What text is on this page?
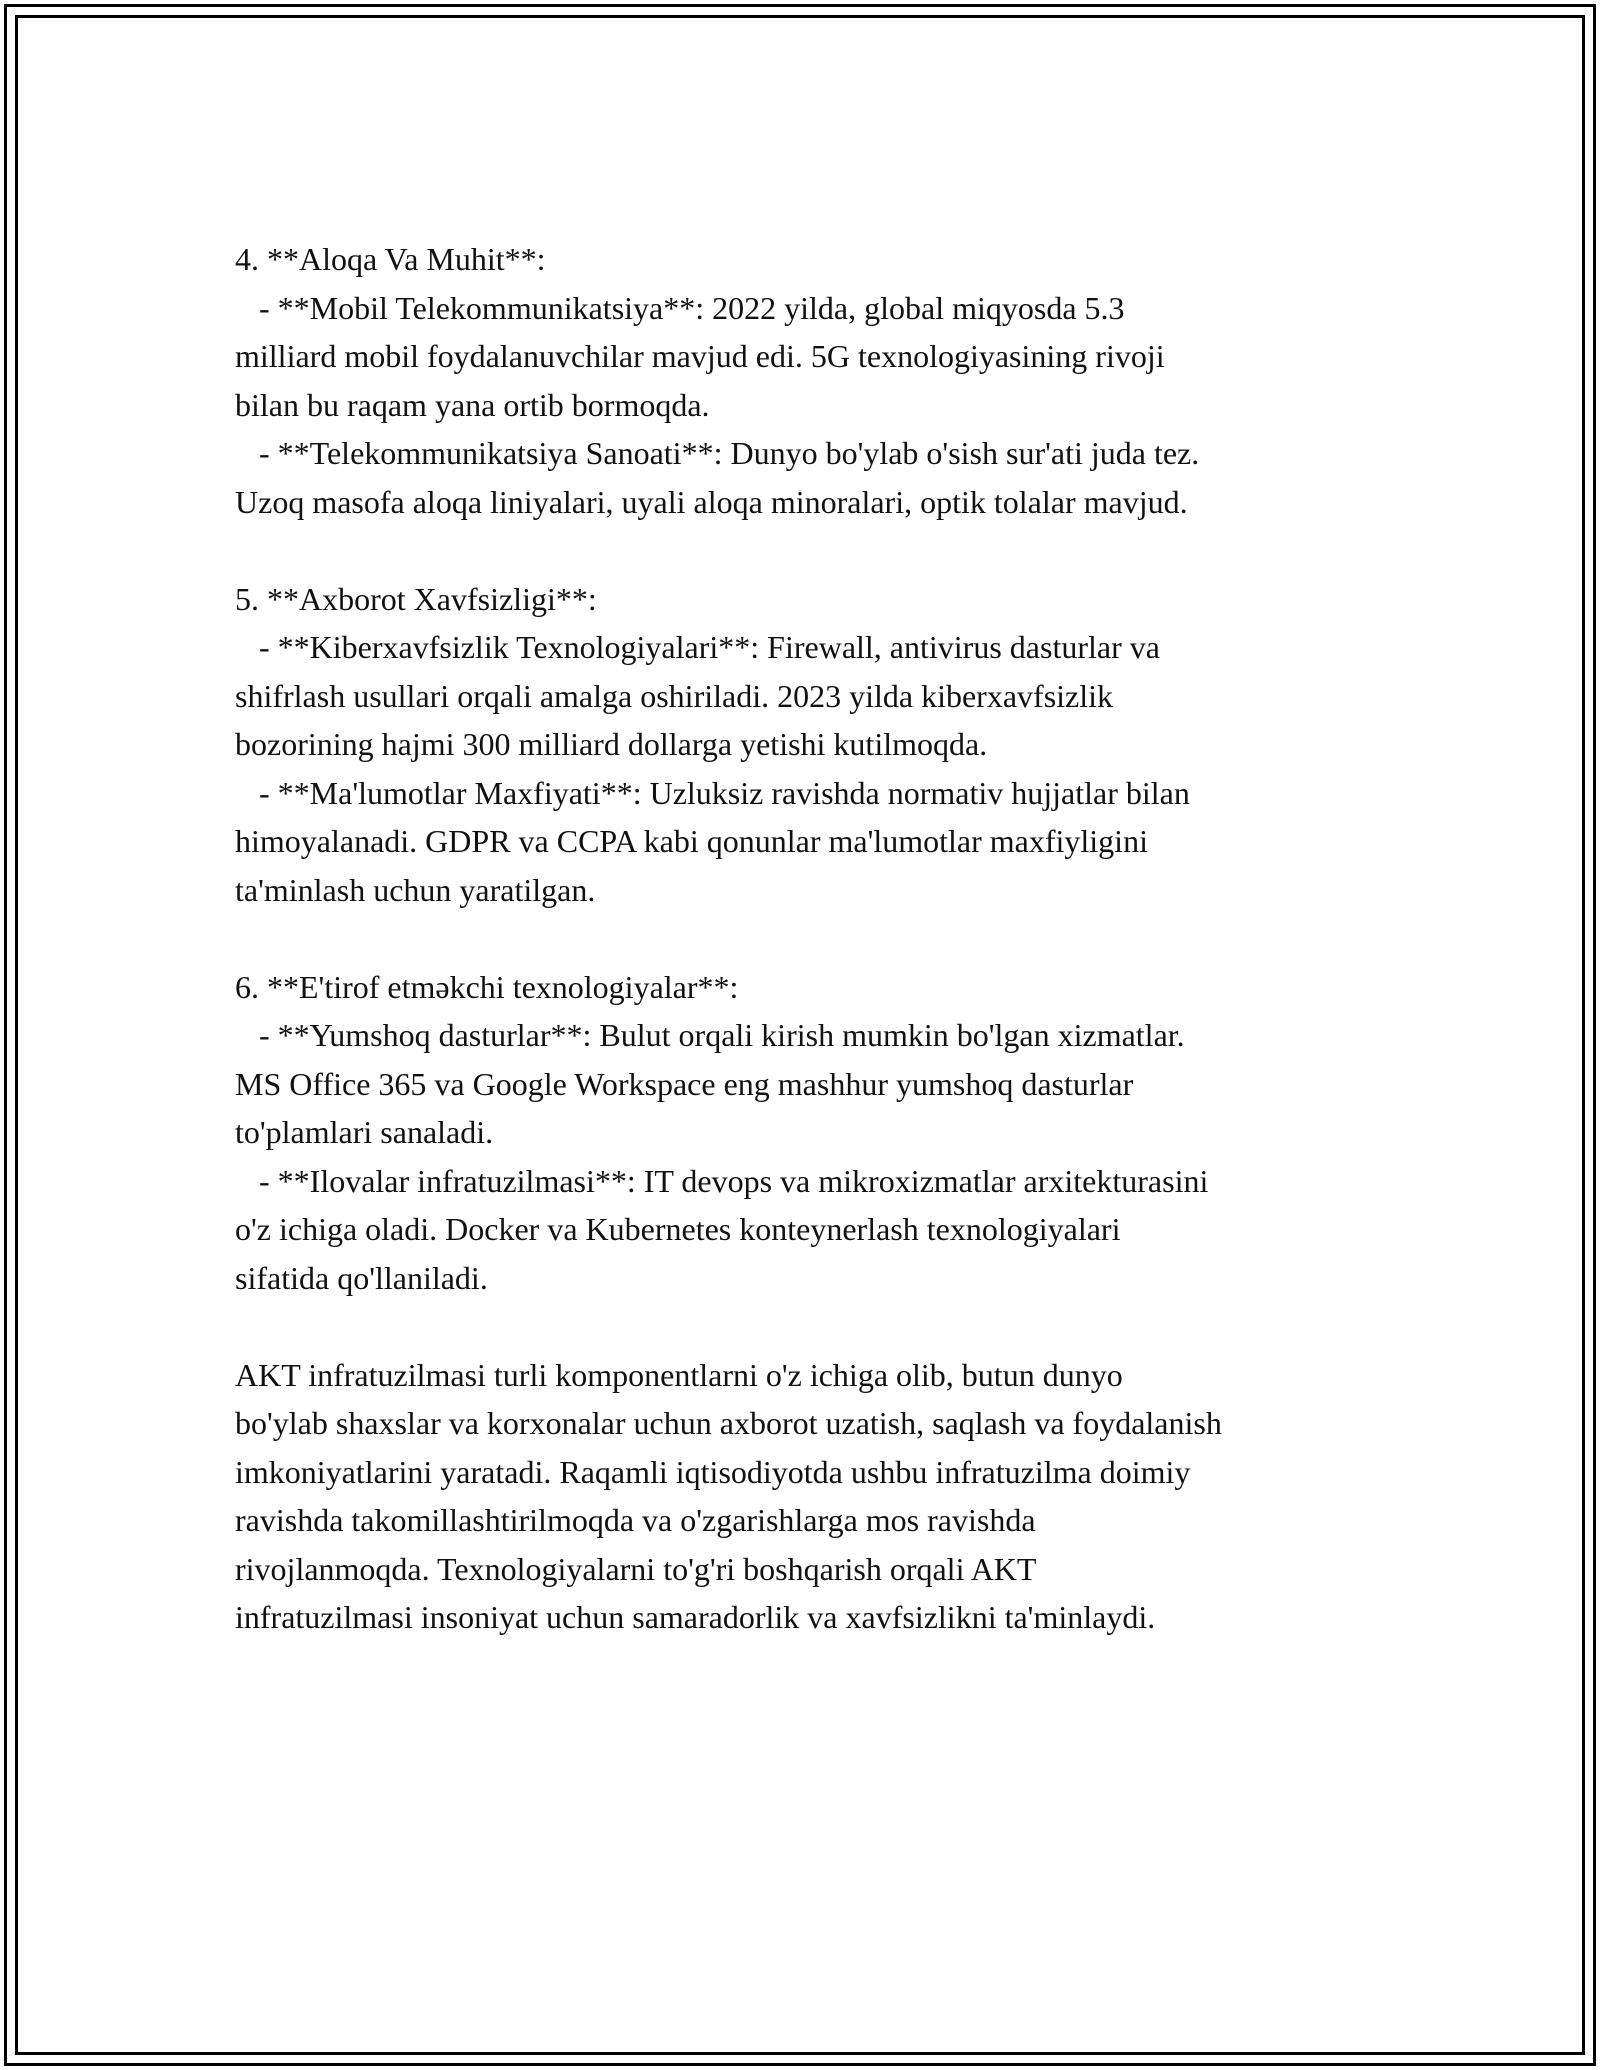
4. **Aloqa Va Muhit**:
- **Mobil Telekommunikatsiya**: 2022 yilda, global miqyosda 5.3
milliard mobil foydalanuvchilar mavjud edi. 5G texnologiyasining rivoji
bilan bu raqam yana ortib bormoqda.
- **Telekommunikatsiya Sanoati**: Dunyo bo'ylab o'sish sur'ati juda tez.
Uzoq masofa aloqa liniyalari, uyali aloqa minoralari, optik tolalar mavjud.
5. **Axborot Xavfsizligi**:
- **Kiberxavfsizlik Texnologiyalari**: Firewall, antivirus dasturlar va
shifrlash usullari orqali amalga oshiriladi. 2023 yilda kiberxavfsizlik
bozorining hajmi 300 milliard dollarga yetishi kutilmoqda.
- **Ma'lumotlar Maxfiyati**: Uzluksiz ravishda normativ hujjatlar bilan
himoyalanadi. GDPR va CCPA kabi qonunlar ma'lumotlar maxfiyligini
ta'minlash uchun yaratilgan.
6. **E'tirof etməkchi texnologiyalar**:
- **Yumshoq dasturlar**: Bulut orqali kirish mumkin bo'lgan xizmatlar.
MS Office 365 va Google Workspace eng mashhur yumshoq dasturlar
to'plamlari sanaladi.
- **Ilovalar infratuzilmasi**: IT devops va mikroxizmatlar arxitekturasini
o'z ichiga oladi. Docker va Kubernetes konteynerlash texnologiyalari
sifatida qo'llaniladi.
AKT infratuzilmasi turli komponentlarni o'z ichiga olib, butun dunyo
bo'ylab shaxslar va korxonalar uchun axborot uzatish, saqlash va foydalanish
imkoniyatlarini yaratadi. Raqamli iqtisodiyotda ushbu infratuzilma doimiy
ravishda takomillashtirilmoqda va o'zgarishlarga mos ravishda
rivojlanmoqda. Texnologiyalarni to'g'ri boshqarish orqali AKT
infratuzilmasi insoniyat uchun samaradorlik va xavfsizlikni ta'minlaydi.
